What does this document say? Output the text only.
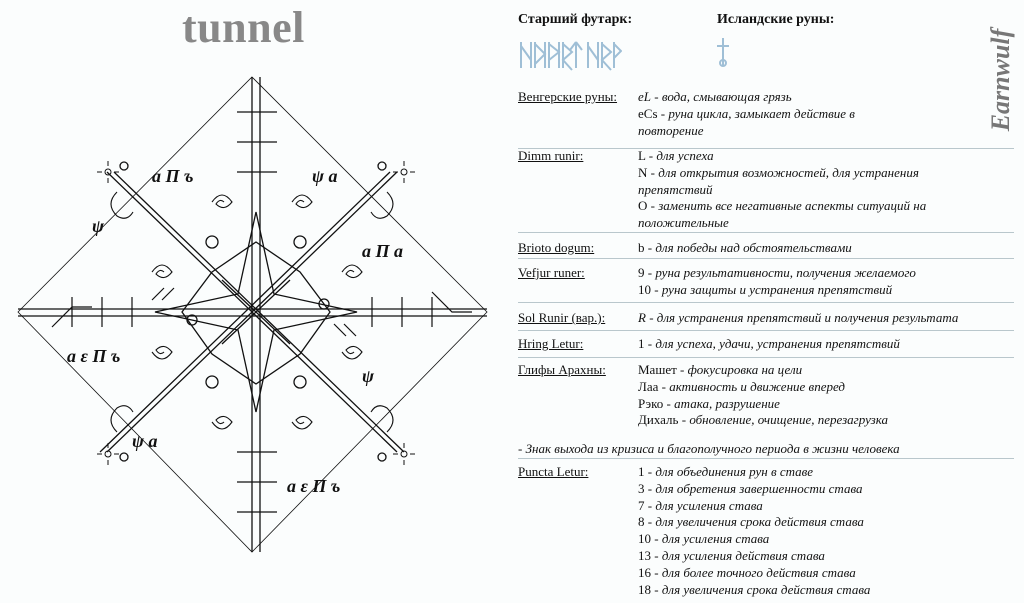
tunnel
ɑ Π ъ	ψ ɑ
ψ
ɑ Π ɑ
ɑ ε Π ъ
ψ
ψ ɑ
ɑ ε Π ъ
Earnwulf
Старший футарк:	Исландские руны:
Венгерские руны: eL - вода, смывающая грязь
eCs - руна цикла, замыкает действие в повторение
Dimm runir:	L - для успеха
N - для открытия возможностей, для устранения препятствий
O - заменить все негативные аспекты ситуаций на положительные
Brioto dogum:	b - для победы над обстоятельствами
Vefjur runer:	9 - руна результативности, получения желаемого
10 - руна защиты и устранения препятствий
Sol Runir (вар.):	R - для устранения препятствий и получения результата
Hring Letur:	1 - для успеха, удачи, устранения препятствий
Глифы Арахны: Машет - фокусировка на цели
Лаа - активность и движение вперед
Рэко - атака, разрушение
Дихаль - обновление, очищение, перезагрузка
- Знак выхода из кризиса и благополучного периода в жизни человека
Puncta Letur:	1 - для объединения рун в ставе
3 - для обретения завершенности става
7 - для усиления става
8 - для увеличения срока действия става
10 - для усиления става
13 - для усиления действия става
16 - для более точного действия става
18 - для увеличения срока действия става
